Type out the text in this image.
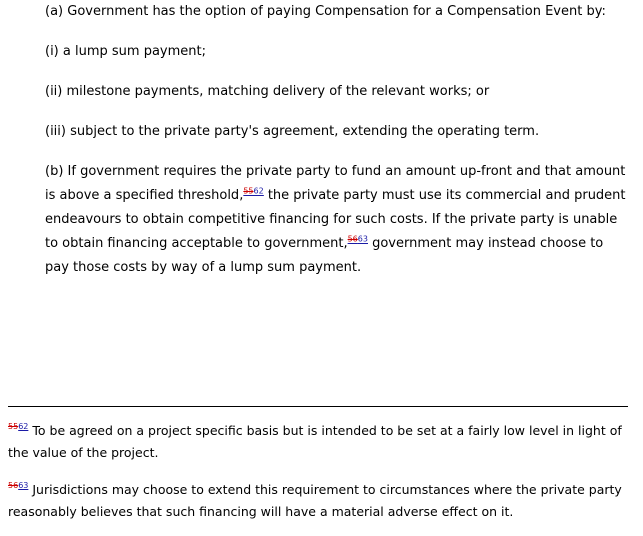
(a) Government has the option of paying Compensation for a Compensation Event by:

(i) a lump sum payment;

(ii) milestone payments, matching delivery of the relevant works; or

(iii) subject to the private party's agreement, extending the operating term.

(b) If government requires the private party to fund an amount up-front and that amount is above a specified threshold,$^{5562}$ the private party must use its commercial and prudent endeavours to obtain competitive financing for such costs. If the private party is unable to obtain financing acceptable to government,$^{5663}$ government may instead choose to pay those costs by way of a lump sum payment.

$^{5562}$ To be agreed on a project specific basis but is intended to be set at a fairly low level in light of the value of the project.
$^{5663}$ Jurisdictions may choose to extend this requirement to circumstances where the private party reasonably believes that such financing will have a material adverse effect on it.
